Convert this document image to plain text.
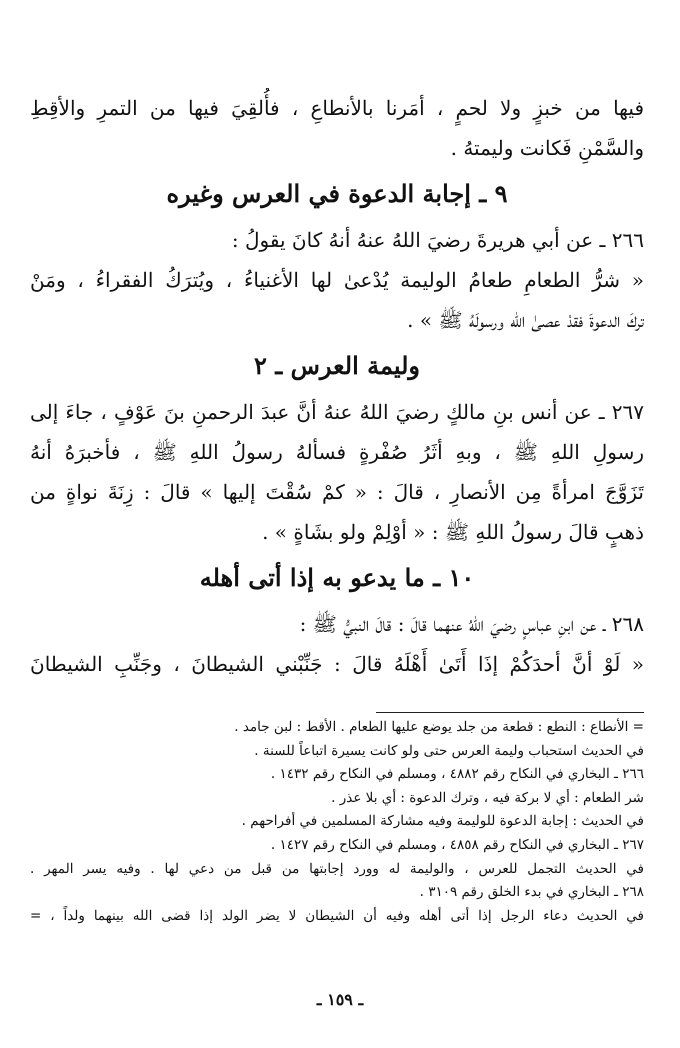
فيها من خبزٍ ولا لحمٍ ، أمَرنا بالأنطاعِ ، فأُلقِيَ فيها من التمرِ والأقِطِ
والسَّمْنِ فَكانت وليمتهُ .
٩ ـ إجابة الدعوة في العرس وغيره
٢٦٦ ـ عن أبي هريرةَ رضيَ اللهُ عنهُ أنهُ كانَ يقولُ :
« شرُّ الطعامِ طعامُ الوليمة يُدْعىٰ لها الأغنياءُ ، ويُترَكُ الفقراءُ ، ومَنْ
تركَ الدعوةَ فقدْ عصىٰ الله ورسولَهُ ﷺ » .
وليمة العرس ـ ٢
٢٦٧ ـ عن أنس بنِ مالكٍ رضيَ اللهُ عنهُ أنَّ عبدَ الرحمنِ بنَ عَوْفٍ ، جاءَ إلى
رسولِ اللهِ ﷺ ، وبهِ أثَرُ صُفْرةٍ فسألهُ رسولُ اللهِ ﷺ ، فأخبرَهُ أنهُ
تَزَوَّجَ امرأةً مِن الأنصارِ ، قالَ : « كمْ سُقْتَ إليها » قالَ : زِنَةَ نواةٍ من
ذهبٍ قالَ رسولُ اللهِ ﷺ : « أوْلِمْ ولو بشَاةٍ » .
١٠ ـ ما يدعو به إذا أتى أهله
٢٦٨ ـ عن ابنِ عباسٍ رضيَ اللهُ عنهما قالَ : قالَ النبيُّ ﷺ :
« لَوْ أنَّ أحدَكُمْ إذَا أَتَىٰ أَهْلَهُ قالَ : جَنِّبْني الشيطانَ ، وجَنِّبِ الشيطانَ
= الأنطاع : النطع : قطعة من جلد يوضع عليها الطعام . الأقط : لبن جامد .
في الحديث استحباب وليمة العرس حتى ولو كانت يسيرة اتباعاً للسنة .
٢٦٦ ـ البخاري في النكاح رقم ٤٨٨٢ ، ومسلم في النكاح رقم ١٤٣٢ .
شر الطعام : أي لا بركة فيه ، وترك الدعوة : أي بلا عذر .
في الحديث : إجابة الدعوة للوليمة وفيه مشاركة المسلمين في أفراحهم .
٢٦٧ ـ البخاري في النكاح رقم ٤٨٥٨ ، ومسلم في النكاح رقم ١٤٢٧ .
في الحديث التجمل للعرس ، والوليمة له وورد إجابتها من قبل من دعي لها . وفيه يسر المهر .
٢٦٨ ـ البخاري في بدء الخلق رقم ٣١٠٩ .
في الحديث دعاء الرجل إذا أتى أهله وفيه أن الشيطان لا يضر الولد إذا قضى الله بينهما ولداً ، =
ـ ١٥٩ ـ
